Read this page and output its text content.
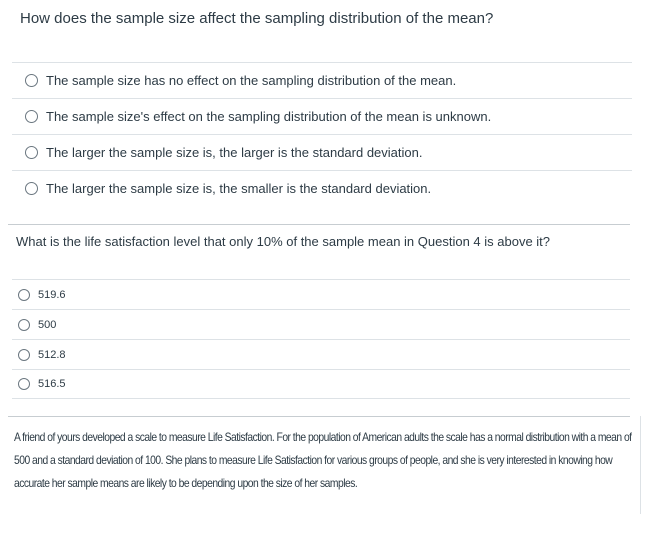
How does the sample size affect the sampling distribution of the mean?
The sample size has no effect on the sampling distribution of the mean.
The sample size's effect on the sampling distribution of the mean is unknown.
The larger the sample size is, the larger is the standard deviation.
The larger the sample size is, the smaller is the standard deviation.
What is the life satisfaction level that only 10% of the sample mean in Question 4 is above it?
519.6
500
512.8
516.5
A friend of yours developed a scale to measure Life Satisfaction. For the population of American adults the scale has a normal distribution with a mean of 500 and a standard deviation of 100. She plans to measure Life Satisfaction for various groups of people, and she is very interested in knowing how accurate her sample means are likely to be depending upon the size of her samples.
